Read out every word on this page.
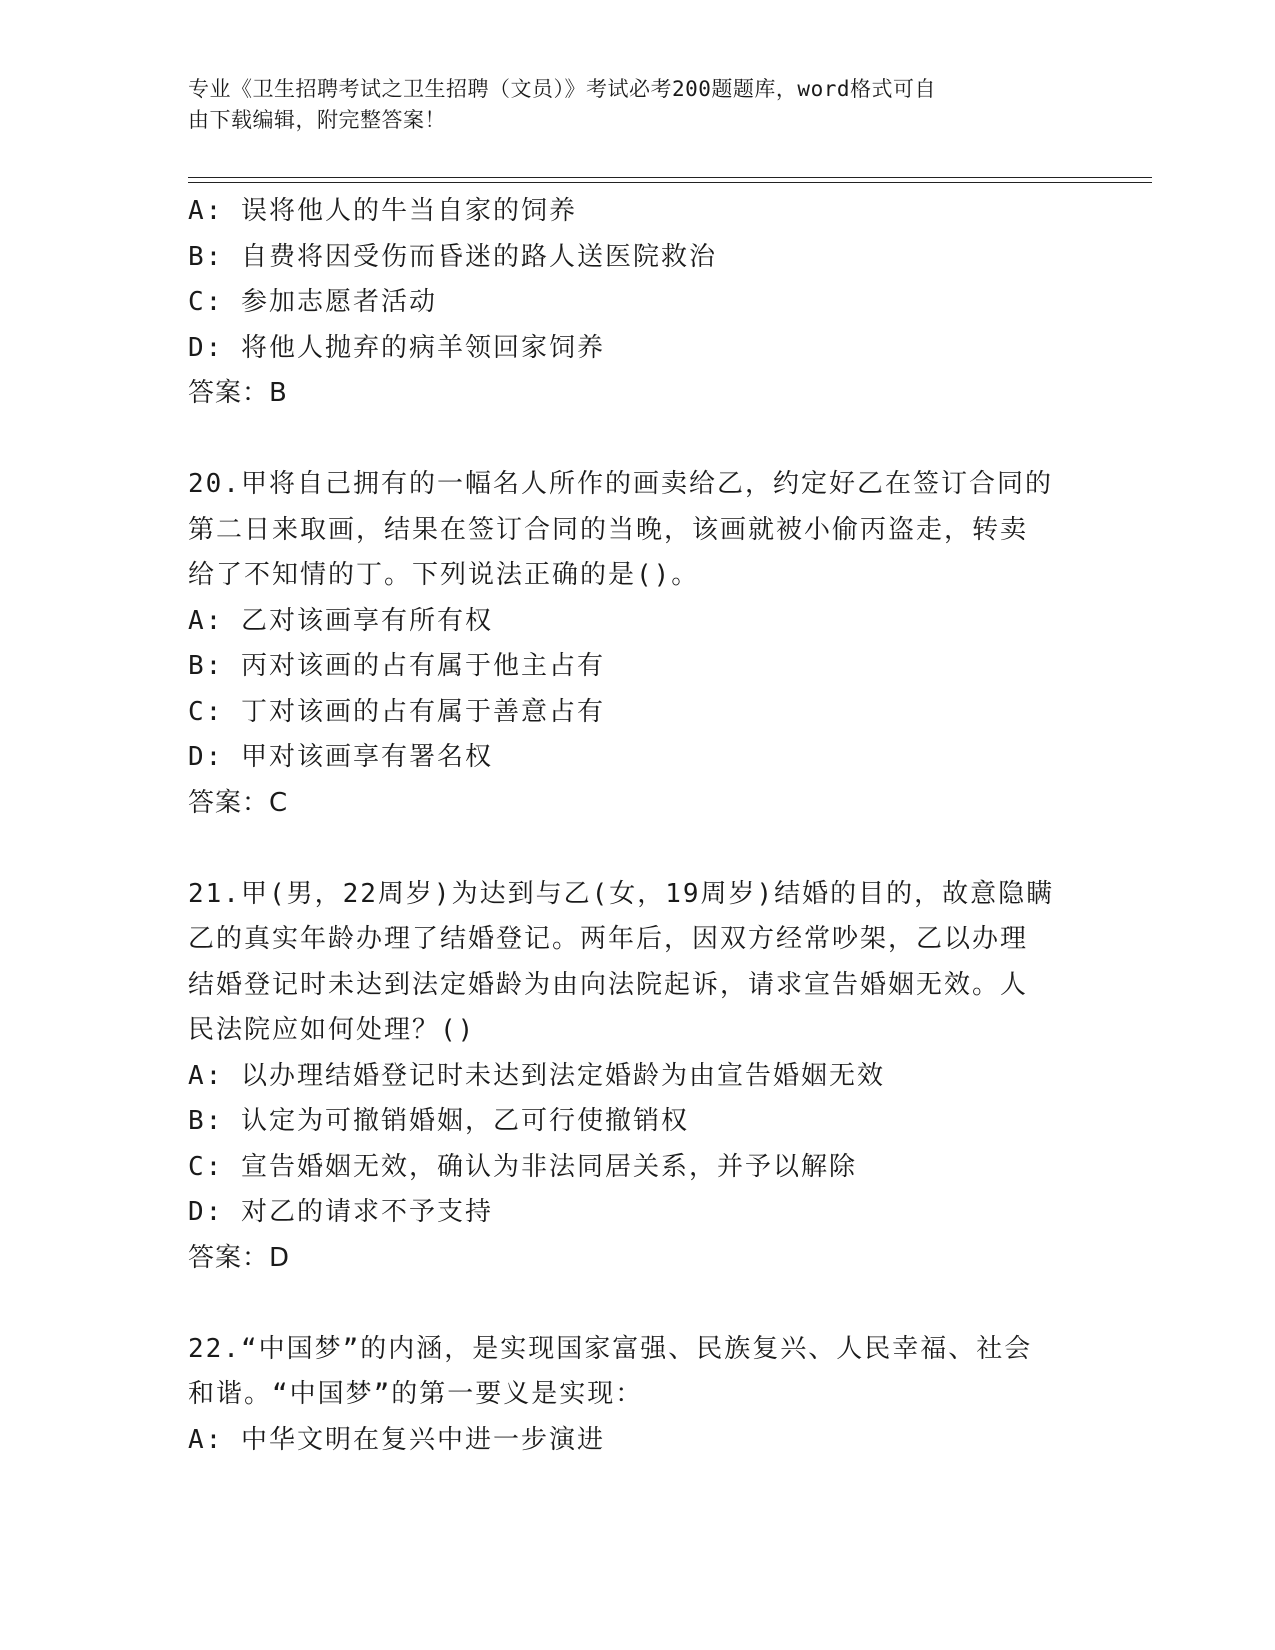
专业《卫生招聘考试之卫生招聘（文员）》考试必考200题题库，word格式可自
由下载编辑，附完整答案！
A: 误将他人的牛当自家的饲养
B: 自费将因受伤而昏迷的路人送医院救治
C: 参加志愿者活动
D: 将他人抛弃的病羊领回家饲养
答案：B
20.甲将自己拥有的一幅名人所作的画卖给乙，约定好乙在签订合同的
第二日来取画，结果在签订合同的当晚，该画就被小偷丙盗走，转卖
给了不知情的丁。下列说法正确的是()。
A: 乙对该画享有所有权
B: 丙对该画的占有属于他主占有
C: 丁对该画的占有属于善意占有
D: 甲对该画享有署名权
答案：C
21.甲(男，22周岁)为达到与乙(女，19周岁)结婚的目的，故意隐瞒
乙的真实年龄办理了结婚登记。两年后，因双方经常吵架，乙以办理
结婚登记时未达到法定婚龄为由向法院起诉，请求宣告婚姻无效。人
民法院应如何处理？()
A: 以办理结婚登记时未达到法定婚龄为由宣告婚姻无效
B: 认定为可撤销婚姻，乙可行使撤销权
C: 宣告婚姻无效，确认为非法同居关系，并予以解除
D: 对乙的请求不予支持
答案：D
22.“中国梦”的内涵，是实现国家富强、民族复兴、人民幸福、社会
和谐。“中国梦”的第一要义是实现：
A: 中华文明在复兴中进一步演进
